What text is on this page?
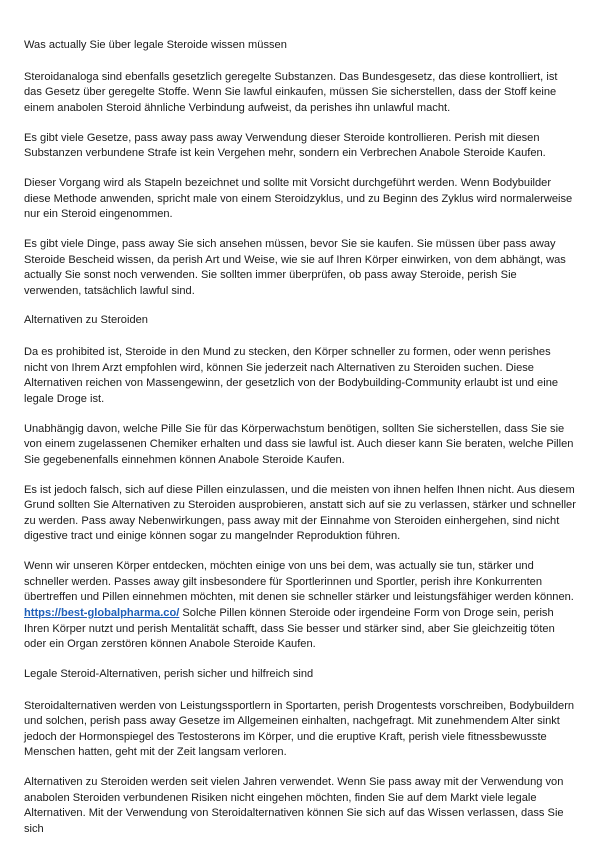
Was actually Sie über legale Steroide wissen müssen

Steroidanaloga sind ebenfalls gesetzlich geregelte Substanzen. Das Bundesgesetz, das diese kontrolliert, ist das Gesetz über geregelte Stoffe. Wenn Sie lawful einkaufen, müssen Sie sicherstellen, dass der Stoff keine einem anabolen Steroid ähnliche Verbindung aufweist, da perishes ihn unlawful macht.

Es gibt viele Gesetze, pass away pass away Verwendung dieser Steroide kontrollieren. Perish mit diesen Substanzen verbundene Strafe ist kein Vergehen mehr, sondern ein Verbrechen Anabole Steroide Kaufen.

Dieser Vorgang wird als Stapeln bezeichnet und sollte mit Vorsicht durchgeführt werden. Wenn Bodybuilder diese Methode anwenden, spricht male von einem Steroidzyklus, und zu Beginn des Zyklus wird normalerweise nur ein Steroid eingenommen.

Es gibt viele Dinge, pass away Sie sich ansehen müssen, bevor Sie sie kaufen. Sie müssen über pass away Steroide Bescheid wissen, da perish Art und Weise, wie sie auf Ihren Körper einwirken, von dem abhängt, was actually Sie sonst noch verwenden. Sie sollten immer überprüfen, ob pass away Steroide, perish Sie verwenden, tatsächlich lawful sind.

Alternativen zu Steroiden

Da es prohibited ist, Steroide in den Mund zu stecken, den Körper schneller zu formen, oder wenn perishes nicht von Ihrem Arzt empfohlen wird, können Sie jederzeit nach Alternativen zu Steroiden suchen. Diese Alternativen reichen von Massengewinn, der gesetzlich von der Bodybuilding-Community erlaubt ist und eine legale Droge ist.

Unabhängig davon, welche Pille Sie für das Körperwachstum benötigen, sollten Sie sicherstellen, dass Sie sie von einem zugelassenen Chemiker erhalten und dass sie lawful ist. Auch dieser kann Sie beraten, welche Pillen Sie gegebenenfalls einnehmen können Anabole Steroide Kaufen.

Es ist jedoch falsch, sich auf diese Pillen einzulassen, und die meisten von ihnen helfen Ihnen nicht. Aus diesem Grund sollten Sie Alternativen zu Steroiden ausprobieren, anstatt sich auf sie zu verlassen, stärker und schneller zu werden. Pass away Nebenwirkungen, pass away mit der Einnahme von Steroiden einhergehen, sind nicht digestive tract und einige können sogar zu mangelnder Reproduktion führen.

Wenn wir unseren Körper entdecken, möchten einige von uns bei dem, was actually sie tun, stärker und schneller werden. Passes away gilt insbesondere für Sportlerinnen und Sportler, perish ihre Konkurrenten übertreffen und Pillen einnehmen möchten, mit denen sie schneller stärker und leistungsfähiger werden können. https://best-globalpharma.co/ Solche Pillen können Steroide oder irgendeine Form von Droge sein, perish Ihren Körper nutzt und perish Mentalität schafft, dass Sie besser und stärker sind, aber Sie gleichzeitig töten oder ein Organ zerstören können Anabole Steroide Kaufen.

Legale Steroid-Alternativen, perish sicher und hilfreich sind

Steroidalternativen werden von Leistungssportlern in Sportarten, perish Drogentests vorschreiben, Bodybuildern und solchen, perish pass away Gesetze im Allgemeinen einhalten, nachgefragt. Mit zunehmendem Alter sinkt jedoch der Hormonspiegel des Testosterons im Körper, und die eruptive Kraft, perish viele fitnessbewusste Menschen hatten, geht mit der Zeit langsam verloren.

Alternativen zu Steroiden werden seit vielen Jahren verwendet. Wenn Sie pass away mit der Verwendung von anabolen Steroiden verbundenen Risiken nicht eingehen möchten, finden Sie auf dem Markt viele legale Alternativen. Mit der Verwendung von Steroidalternativen können Sie sich auf das Wissen verlassen, dass Sie sich
